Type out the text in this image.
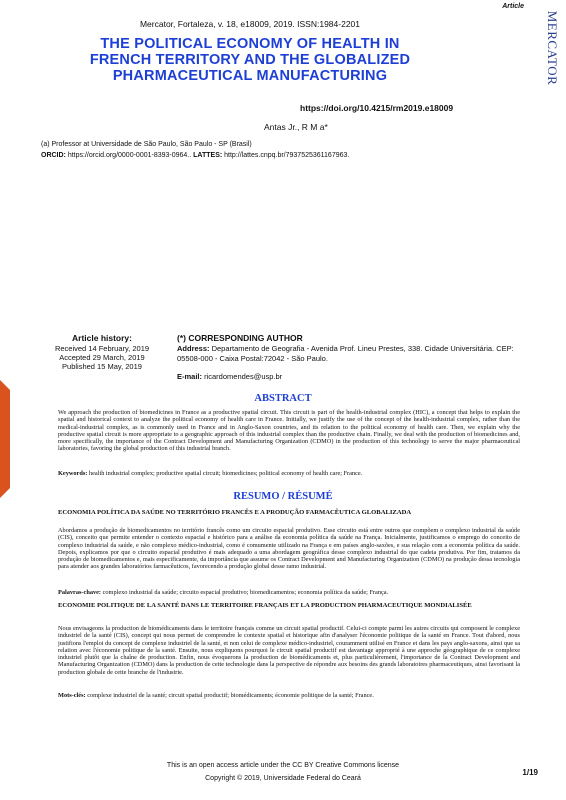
Article
Mercator, Fortaleza, v. 18, e18009, 2019. ISSN:1984-2201	MERCATOR
THE POLITICAL ECONOMY OF HEALTH IN
FRENCH TERRITORY AND THE GLOBALIZED
PHARMACEUTICAL MANUFACTURING
https://doi.org/10.4215/rm2019.e18009
Antas Jr., R M a*
(a) Professor at Universidade de São Paulo, São Paulo - SP (Brasil)
ORCID: https://orcid.org/0000-0001-8393-0964.. LATTES: http://lattes.cnpq.br/7937525361167963.
Article history:
Received 14 February, 2019
Accepted 29 March, 2019
Published 15 May, 2019
(*) CORRESPONDING AUTHOR
Address: Departamento de Geografia - Avenida Prof. Lineu Prestes, 338. Cidade Universitária. CEP: 05508-000 - Caixa Postal:72042 - São Paulo.
E-mail: ricardomendes@usp.br
ABSTRACT
We approach the production of biomedicines in France as a productive spatial circuit. This circuit is part of the health-industrial complex (HIC), a concept that helps to explain the spatial and historical context to analyze the political economy of health care in France. Initially, we justify the use of the concept of the health-industrial complex, rather than the medical-industrial complex, as is commonly used in France and in Anglo-Saxon countries, and its relation to the political economy of health care. Then, we explain why the productive spatial circuit is more appropriate to a geographic approach of this industrial complex than the productive chain. Finally, we deal with the production of biomedicines and, more specifically, the importance of the Contract Development and Manufacturing Organization (CDMO) in the production of this technology to serve the major pharmaceutical laboratories, favoring the global production of this industrial branch.
Keywords: health industrial complex; productive spatial circuit; biomedicines; political economy of health care; France.
RESUMO / RÉSUMÉ
ECONOMIA POLÍTICA DA SAÚDE NO TERRITÓRIO FRANCÊS E A PRODUÇÃO FARMACÊUTICA GLOBALIZADA
Abordamos a produção de biomedicamentos no território francês como um circuito espacial produtivo. Esse circuito está entre outros que compõem o complexo industrial da saúde (CIS), conceito que permite entender o contexto espacial e histórico para a análise da economia política da saúde na França. Inicialmente, justificamos o emprego do conceito de complexo industrial da saúde, e não complexo médico-industrial, como é comumente utilizado na França e em países anglo-saxões, e sua relação com a economia política da saúde. Depois, explicamos por que o circuito espacial produtivo é mais adequado a uma abordagem geográfica desse complexo industrial do que cadeia produtiva. Por fim, tratamos da produção de biomedicamentos e, mais especificamente, da importância que assume os Contract Development and Manufacturing Organization (CDMO) na produção dessa tecnologia para atender aos grandes laboratórios farmacêuticos, favorecendo a produção global desse ramo industrial.
Palavras-chave: complexo industrial da saúde; circuito espacial produtivo; biomedicamentos; economia política da saúde; França.
ECONOMIE POLITIQUE DE LA SANTÉ DANS LE TERRITOIRE FRANÇAIS ET LA PRODUCTION PHARMACEUTIQUE MONDIALISÉE
Nous envisageons la production de biomédicaments dans le territoire français comme un circuit spatial productif. Celui-ci compte parmi les autres circuits qui composent le complexe industriel de la santé (CIS), concept qui nous permet de comprendre le contexte spatial et historique afin d'analyser l'économie politique de la santé en France. Tout d'abord, nous justifions l'emploi du concept de complexe industriel de la santé, et non celui de complexe médico-industriel, couramment utilisé en France et dans les pays anglo-saxons, ainsi que sa relation avec l'économie politique de la santé. Ensuite, nous expliquons pourquoi le circuit spatial productif est davantage approprié à une approche géographique de ce complexe industriel plutôt que la chaîne de production. Enfin, nous évoquerons la production de biomédicaments et, plus particulièrement, l'importance de la Contract Development and Manufacturing Organization (CDMO) dans la production de cette technologie dans la perspective de répondre aux besoins des grands laboratoires pharmaceutiques, ainsi favorisant la production globale de cette branche de l'industrie.
Mots-clés: complexe industriel de la santé; circuit spatial productif; biomédicaments; économie politique de la santé; France.
This is an open access article under the CC BY Creative Commons license
Copyright © 2019, Universidade Federal do Ceará
1/19
